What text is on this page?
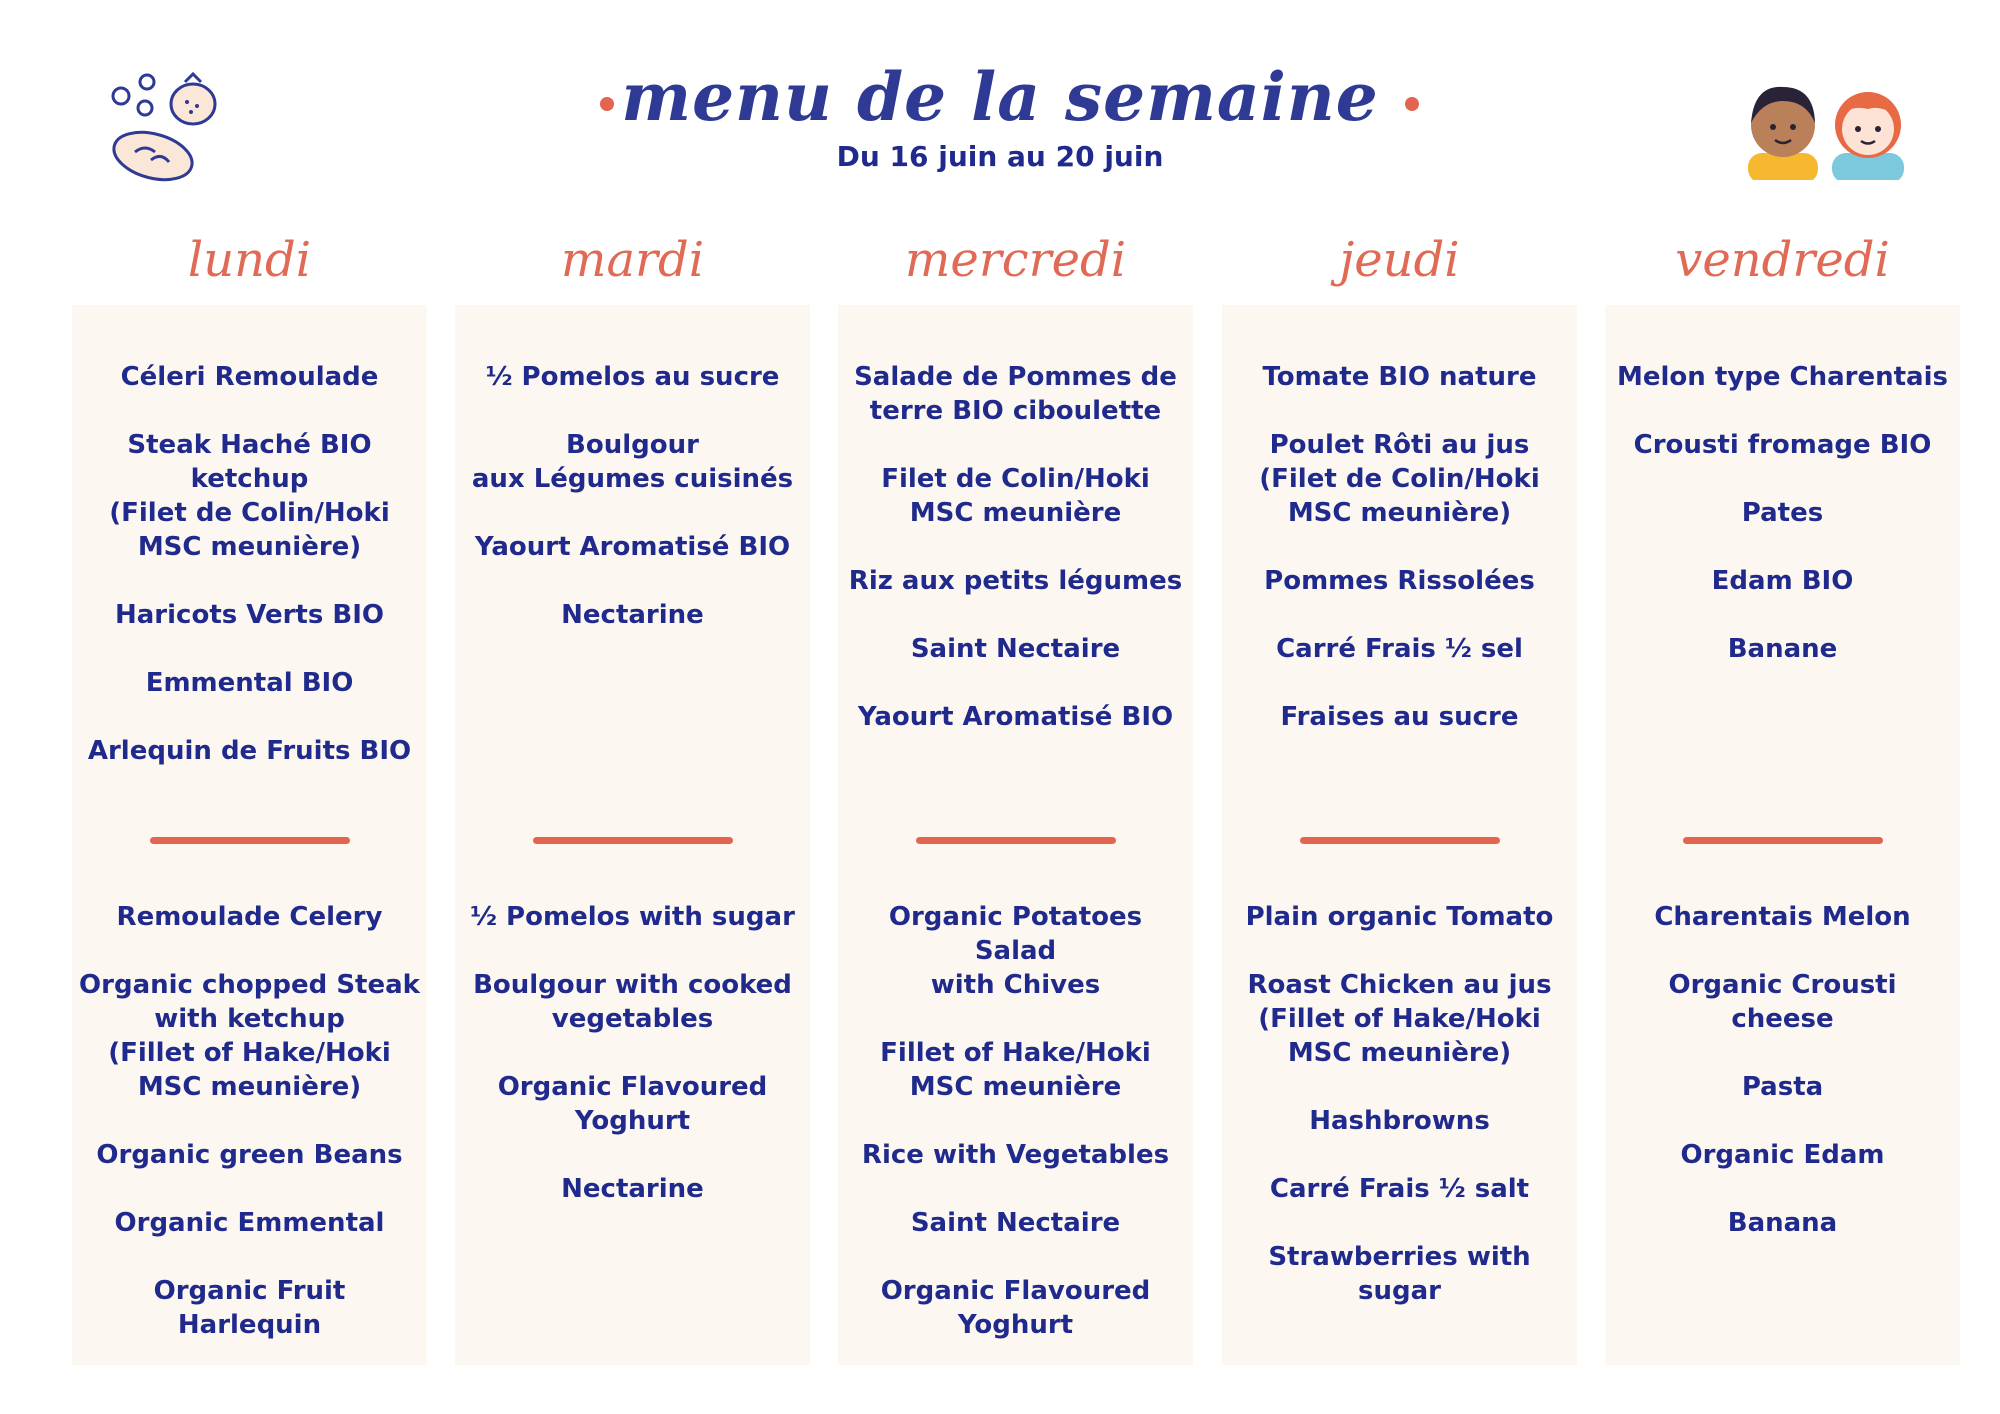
menu de la semaine
Du 16 juin au 20 juin
lundi	mardi	mercredi	jeudi	vendredi
Céleri Remoulade
Steak Haché BIO
ketchup
(Filet de Colin/Hoki
MSC meunière)
Haricots Verts BIO
Emmental BIO
Arlequin de Fruits BIO
Remoulade Celery
Organic chopped Steak
with ketchup
(Fillet of Hake/Hoki
MSC meunière)
Organic green Beans
Organic Emmental
Organic Fruit Harlequin
½ Pomelos au sucre
Boulgour
aux Légumes cuisinés
Yaourt Aromatisé BIO
Nectarine
½ Pomelos with sugar
Boulgour with cooked
vegetables
Organic Flavoured
Yoghurt
Nectarine
Salade de Pommes de
terre BIO ciboulette
Filet de Colin/Hoki
MSC meunière
Riz aux petits légumes
Saint Nectaire
Yaourt Aromatisé BIO
Organic Potatoes Salad
with Chives
Fillet of Hake/Hoki
MSC meunière
Rice with Vegetables
Saint Nectaire
Organic Flavoured
Yoghurt
Tomate BIO nature
Poulet Rôti au jus
(Filet de Colin/Hoki
MSC meunière)
Pommes Rissolées
Carré Frais ½ sel
Fraises au sucre
Plain organic Tomato
Roast Chicken au jus
(Fillet of Hake/Hoki
MSC meunière)
Hashbrowns
Carré Frais ½ salt
Strawberries with sugar
Melon type Charentais
Crousti fromage BIO
Pates
Edam BIO
Banane
Charentais Melon
Organic Crousti
cheese
Pasta
Organic Edam
Banana
